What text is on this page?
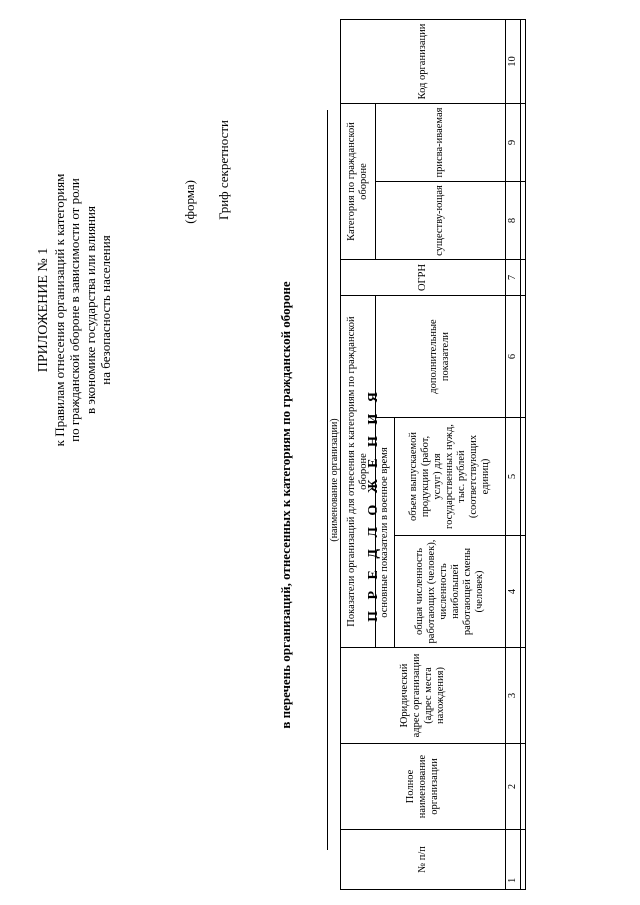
ПРИЛОЖЕНИЕ № 1 к Правилам отнесения организаций к категориям по гражданской обороне в зависимости от роли в экономике государства или влияния на безопасность населения
(форма) Гриф секретности
П Р Е Д Л О Ж Е Н И Я
в перечень организаций, отнесенных к категориям по гражданской обороне	(наименование организации)
№ п/п	Полное наименование организации	Юридический адрес организации (адрес места нахождения)	Показатели организаций для отнесения к категориям по гражданской обороне			ОГРН	Категория по гражданской обороне		Код организации
			основные показатели в военное время		дополнительные показатели		существу-ющая	присва-иваемая	
			общая численность работающих (человек), численность наибольшей работающей смены (человек)	объем выпускаемой продукции (работ, услуг) для государственных нужд, тыс. рублей (соответствующих единиц)					
1	2	3	4	5	6	7	8	9	10
